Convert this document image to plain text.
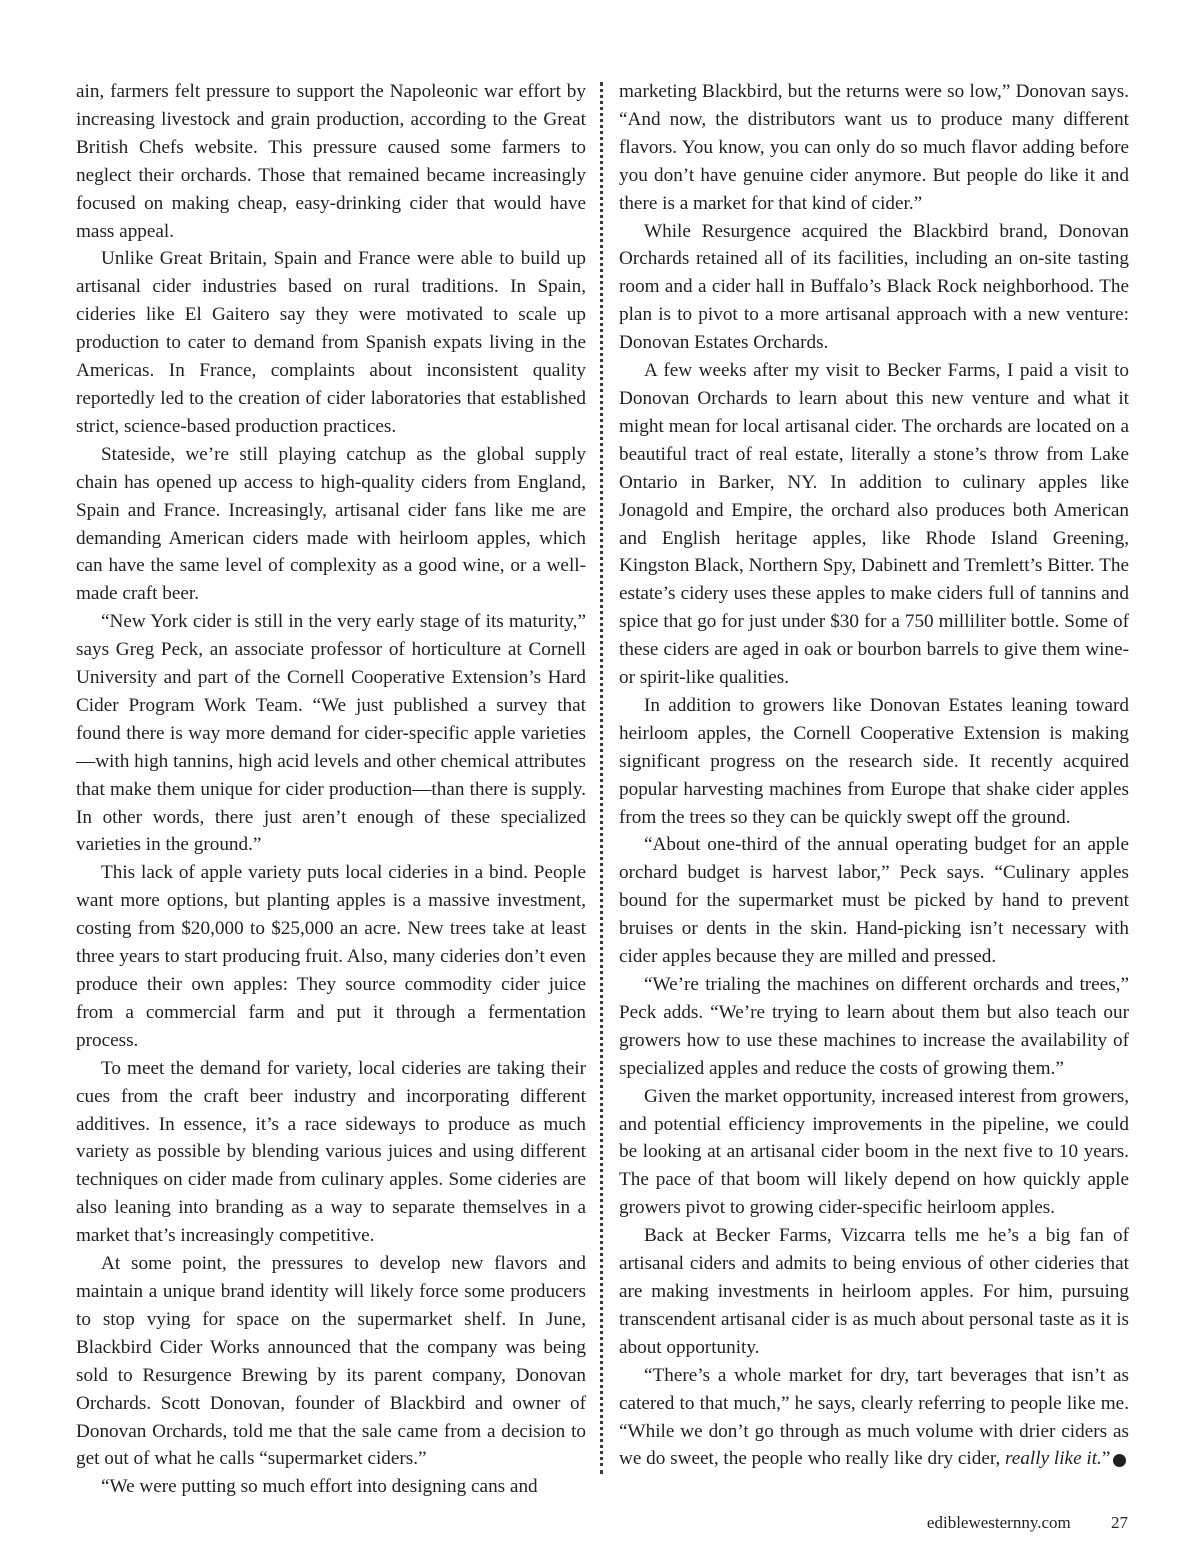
ain, farmers felt pressure to support the Napoleonic war effort by increasing livestock and grain production, according to the Great British Chefs website. This pressure caused some farmers to neglect their orchards. Those that remained became increasingly focused on making cheap, easy-drinking cider that would have mass appeal.

Unlike Great Britain, Spain and France were able to build up artisanal cider industries based on rural traditions. In Spain, cideries like El Gaitero say they were motivated to scale up production to cater to demand from Spanish expats living in the Americas. In France, complaints about inconsistent quality reportedly led to the creation of cider laboratories that established strict, science-based production practices.

Stateside, we’re still playing catchup as the global supply chain has opened up access to high-quality ciders from England, Spain and France. Increasingly, artisanal cider fans like me are demanding American ciders made with heirloom apples, which can have the same level of complexity as a good wine, or a well-made craft beer.

“New York cider is still in the very early stage of its maturity,” says Greg Peck, an associate professor of horticulture at Cornell University and part of the Cornell Cooperative Extension’s Hard Cider Program Work Team. “We just published a survey that found there is way more demand for cider-specific apple varieties—with high tannins, high acid levels and other chemical attributes that make them unique for cider production—than there is supply. In other words, there just aren’t enough of these specialized varieties in the ground.”

This lack of apple variety puts local cideries in a bind. People want more options, but planting apples is a massive investment, costing from $20,000 to $25,000 an acre. New trees take at least three years to start producing fruit. Also, many cideries don’t even produce their own apples: They source commodity cider juice from a commercial farm and put it through a fermentation process.

To meet the demand for variety, local cideries are taking their cues from the craft beer industry and incorporating different additives. In essence, it’s a race sideways to produce as much variety as possible by blending various juices and using different techniques on cider made from culinary apples. Some cideries are also leaning into branding as a way to separate themselves in a market that’s increasingly competitive.

At some point, the pressures to develop new flavors and maintain a unique brand identity will likely force some producers to stop vying for space on the supermarket shelf. In June, Blackbird Cider Works announced that the company was being sold to Resurgence Brewing by its parent company, Donovan Orchards. Scott Donovan, founder of Blackbird and owner of Donovan Orchards, told me that the sale came from a decision to get out of what he calls “supermarket ciders.”

“We were putting so much effort into designing cans and

marketing Blackbird, but the returns were so low,” Donovan says. “And now, the distributors want us to produce many different flavors. You know, you can only do so much flavor adding before you don’t have genuine cider anymore. But people do like it and there is a market for that kind of cider.”

While Resurgence acquired the Blackbird brand, Donovan Orchards retained all of its facilities, including an on-site tasting room and a cider hall in Buffalo’s Black Rock neighborhood. The plan is to pivot to a more artisanal approach with a new venture: Donovan Estates Orchards.

A few weeks after my visit to Becker Farms, I paid a visit to Donovan Orchards to learn about this new venture and what it might mean for local artisanal cider. The orchards are located on a beautiful tract of real estate, literally a stone’s throw from Lake Ontario in Barker, NY. In addition to culinary apples like Jonagold and Empire, the orchard also produces both American and English heritage apples, like Rhode Island Greening, Kingston Black, Northern Spy, Dabinett and Tremlett’s Bitter. The estate’s cidery uses these apples to make ciders full of tannins and spice that go for just under $30 for a 750 milliliter bottle. Some of these ciders are aged in oak or bourbon barrels to give them wine- or spirit-like qualities.

In addition to growers like Donovan Estates leaning toward heirloom apples, the Cornell Cooperative Extension is making significant progress on the research side. It recently acquired popular harvesting machines from Europe that shake cider apples from the trees so they can be quickly swept off the ground.

“About one-third of the annual operating budget for an apple orchard budget is harvest labor,” Peck says. “Culinary apples bound for the supermarket must be picked by hand to prevent bruises or dents in the skin. Hand-picking isn’t necessary with cider apples because they are milled and pressed.

“We’re trialing the machines on different orchards and trees,” Peck adds. “We’re trying to learn about them but also teach our growers how to use these machines to increase the availability of specialized apples and reduce the costs of growing them.”

Given the market opportunity, increased interest from growers, and potential efficiency improvements in the pipeline, we could be looking at an artisanal cider boom in the next five to 10 years. The pace of that boom will likely depend on how quickly apple growers pivot to growing cider-specific heirloom apples.

Back at Becker Farms, Vizcarra tells me he’s a big fan of artisanal ciders and admits to being envious of other cideries that are making investments in heirloom apples. For him, pursuing transcendent artisanal cider is as much about personal taste as it is about opportunity.

“There’s a whole market for dry, tart beverages that isn’t as catered to that much,” he says, clearly referring to people like me. “While we don’t go through as much volume with drier ciders as we do sweet, the people who really like dry cider, really like it.”	e

ediblewesternny.com 27
